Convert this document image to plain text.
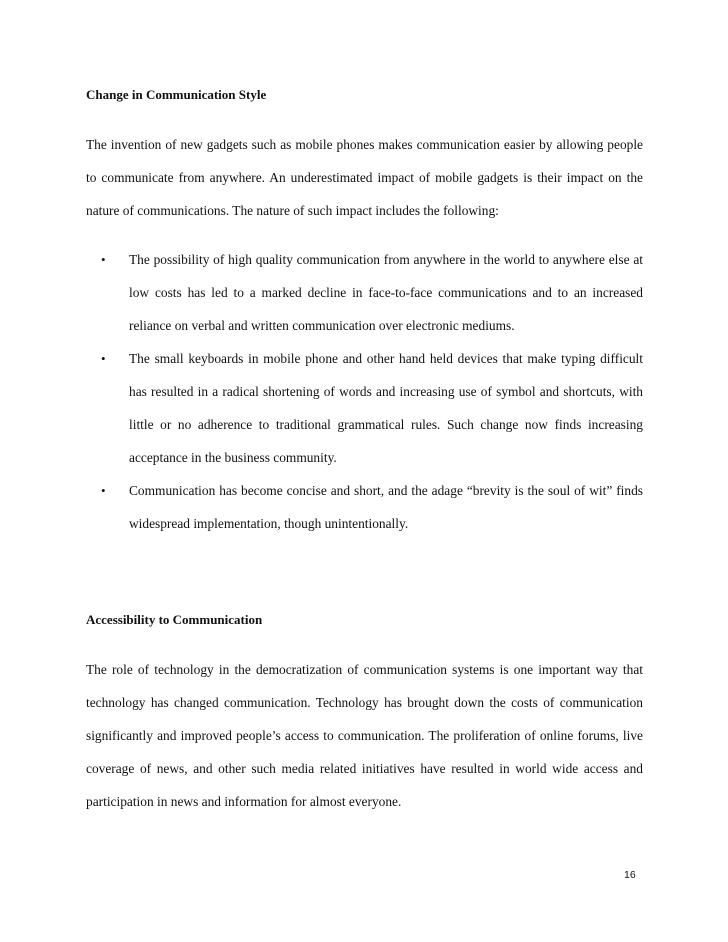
Change in Communication Style

The invention of new gadgets such as mobile phones makes communication easier by allowing people to communicate from anywhere. An underestimated impact of mobile gadgets is their impact on the nature of communications. The nature of such impact includes the following:

• The possibility of high quality communication from anywhere in the world to anywhere else at low costs has led to a marked decline in face-to-face communications and to an increased reliance on verbal and written communication over electronic mediums.
• The small keyboards in mobile phone and other hand held devices that make typing difficult has resulted in a radical shortening of words and increasing use of symbol and shortcuts, with little or no adherence to traditional grammatical rules. Such change now finds increasing acceptance in the business community.
• Communication has become concise and short, and the adage “brevity is the soul of wit” finds widespread implementation, though unintentionally.
Accessibility to Communication

The role of technology in the democratization of communication systems is one important way that technology has changed communication. Technology has brought down the costs of communication significantly and improved people’s access to communication. The proliferation of online forums, live coverage of news, and other such media related initiatives have resulted in world wide access and participation in news and information for almost everyone.

16
